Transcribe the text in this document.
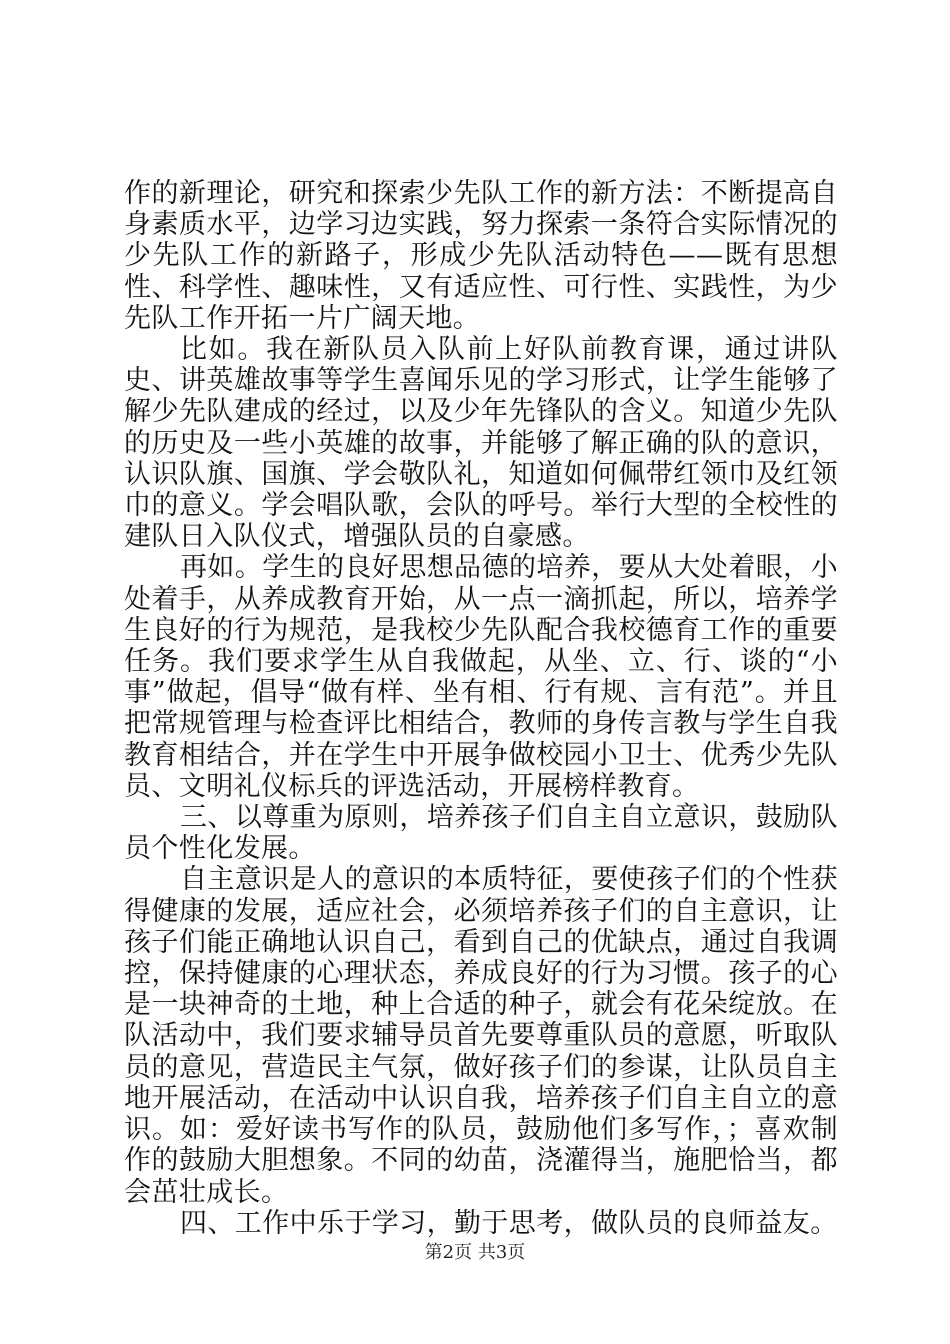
作的新理论，研究和探索少先队工作的新方法：不断提高自身素质水平，边学习边实践，努力探索一条符合实际情况的少先队工作的新路子，形成少先队活动特色——既有思想性、科学性、趣味性，又有适应性、可行性、实践性，为少先队工作开拓一片广阔天地。

比如。我在新队员入队前上好队前教育课，通过讲队史、讲英雄故事等学生喜闻乐见的学习形式，让学生能够了解少先队建成的经过，以及少年先锋队的含义。知道少先队的历史及一些小英雄的故事，并能够了解正确的队的意识，认识队旗、国旗、学会敬队礼，知道如何佩带红领巾及红领巾的意义。学会唱队歌，会队的呼号。举行大型的全校性的建队日入队仪式，增强队员的自豪感。

再如。学生的良好思想品德的培养，要从大处着眼，小处着手，从养成教育开始，从一点一滴抓起，所以，培养学生良好的行为规范，是我校少先队配合我校德育工作的重要任务。我们要求学生从自我做起，从坐、立、行、谈的“小事”做起，倡导“做有样、坐有相、行有规、言有范”。并且把常规管理与检查评比相结合，教师的身传言教与学生自我教育相结合，并在学生中开展争做校园小卫士、优秀少先队员、文明礼仪标兵的评选活动，开展榜样教育。

三、以尊重为原则，培养孩子们自主自立意识，鼓励队员个性化发展。

自主意识是人的意识的本质特征，要使孩子们的个性获得健康的发展，适应社会，必须培养孩子们的自主意识，让孩子们能正确地认识自己，看到自己的优缺点，通过自我调控，保持健康的心理状态，养成良好的行为习惯。孩子的心是一块神奇的土地，种上合适的种子，就会有花朵绽放。在队活动中，我们要求辅导员首先要尊重队员的意愿，听取队员的意见，营造民主气氛，做好孩子们的参谋，让队员自主地开展活动，在活动中认识自我，培养孩子们自主自立的意识。如：爱好读书写作的队员，鼓励他们多写作，；喜欢制作的鼓励大胆想象。不同的幼苗，浇灌得当，施肥恰当，都会茁壮成长。

四、工作中乐于学习，勤于思考，做队员的良师益友。

第2页 共3页
